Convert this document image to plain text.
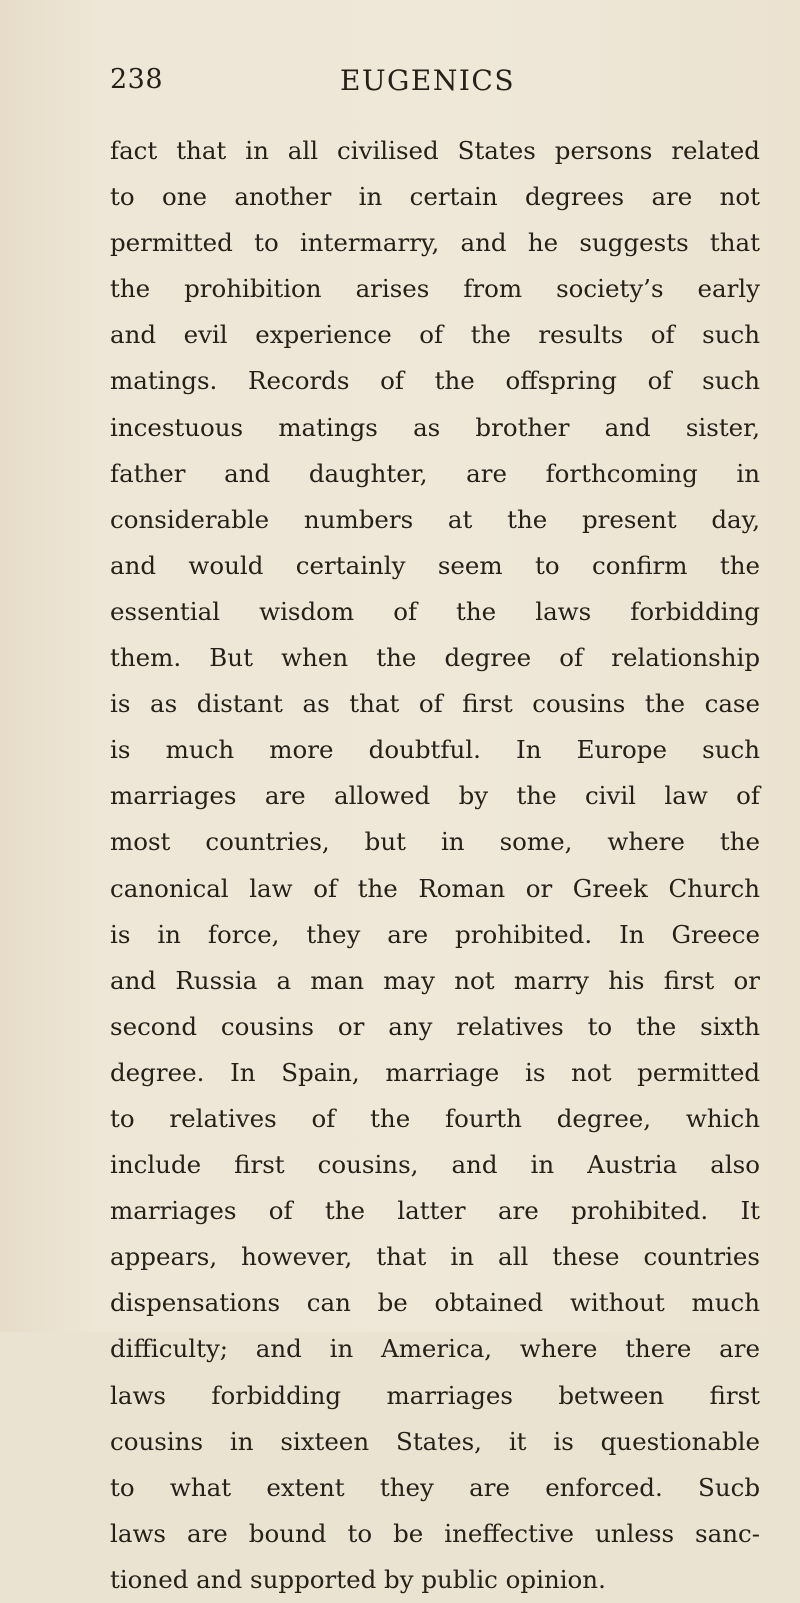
238	EUGENICS
fact that in all civilised States persons related
to one another in certain degrees are not
permitted to intermarry, and he suggests that
the prohibition arises from society’s early
and evil experience of the results of such
matings. Records of the offspring of such
incestuous matings as brother and sister,
father and daughter, are forthcoming in
considerable numbers at the present day,
and would certainly seem to confirm the
essential wisdom of the laws forbidding
them. But when the degree of relationship
is as distant as that of first cousins the case
is much more doubtful. In Europe such
marriages are allowed by the civil law of
most countries, but in some, where the
canonical law of the Roman or Greek Church
is in force, they are prohibited. In Greece
and Russia a man may not marry his first or
second cousins or any relatives to the sixth
degree. In Spain, marriage is not permitted
to relatives of the fourth degree, which
include first cousins, and in Austria also
marriages of the latter are prohibited. It
appears, however, that in all these countries
dispensations can be obtained without much
difficulty; and in America, where there are
laws forbidding marriages between first
cousins in sixteen States, it is questionable
to what extent they are enforced. Sucb
laws are bound to be ineffective unless sanc-
tioned and supported by public opinion.
